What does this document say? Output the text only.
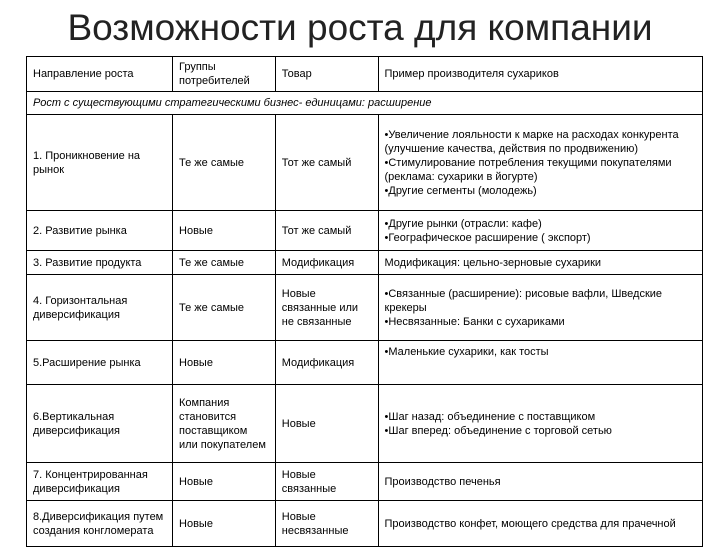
Возможности роста для компании
Направление роста	Группы потребителей	Товар	Пример производителя сухариков
Рост с существующими стратегическими бизнес- единицами: расширение			
1. Проникновение на рынок	Те же самые	Тот же самый	•Увеличение лояльности к марке на расходах конкурента (улучшение качества, действия по продвижению)
•Стимулирование потребления текущими покупателями (реклама: сухарики в йогурте)
•Другие сегменты (молодежь)

2. Развитие рынка	Новые	Тот же самый	•Другие рынки (отрасли: кафе)
•Географическое расширение ( экспорт)

3. Развитие продукта	Те же самые	Модификация	Модификация: цельно-зерновые сухарики

4. Горизонтальная диверсификация	Те же самые	Новые связанные или не связанные	•Связанные (расширение): рисовые вафли, Шведские крекеры
•Несвязанные: Банки с сухариками

5.Расширение рынка	Новые	Модификация	•Маленькие сухарики, как тосты

6.Вертикальная диверсификация	Компания становится поставщиком или покупателем	Новые	•Шаг назад: объединение с поставщиком
•Шаг вперед: объединение с торговой сетью

7. Концентрированная диверсификация	Новые	Новые связанные	Производство печенья

8.Диверсификация путем создания конгломерата	Новые	Новые несвязанные	Производство конфет, моющего средства для прачечной
